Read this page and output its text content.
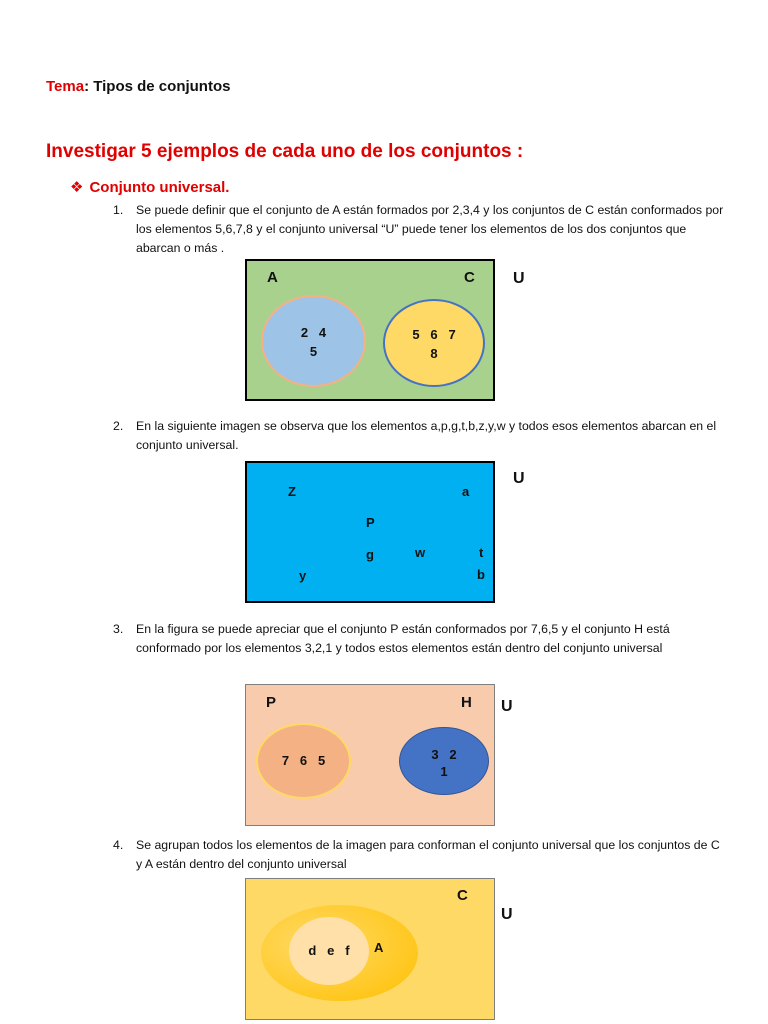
Tema: Tipos de conjuntos
Investigar 5 ejemplos de cada uno de los conjuntos :
❖ Conjunto universal.
1. Se puede definir que el conjunto de A están formados por 2,3,4 y los conjuntos de C están conformados por los elementos 5,6,7,8 y el conjunto universal “U” puede tener los elementos de los dos conjuntos que abarcan o más .
A	C
2   4
5
5   6   7
8
U
2. En la siguiente imagen se observa que los elementos a,p,g,t,b,z,y,w y todos esos elementos abarcan en el conjunto universal.
Z	a
P
g	w	t
y	b
U
3. En la figura se puede apreciar que el conjunto P están conformados por 7,6,5 y el conjunto H está conformado por los elementos 3,2,1 y todos estos elementos están dentro del conjunto universal
P	H
7   6   5	3   2
1
U
4. Se agrupan todos los elementos de la imagen para conforman el conjunto universal que los conjuntos de C y A están dentro del conjunto universal
C
A
d   e   f
U
